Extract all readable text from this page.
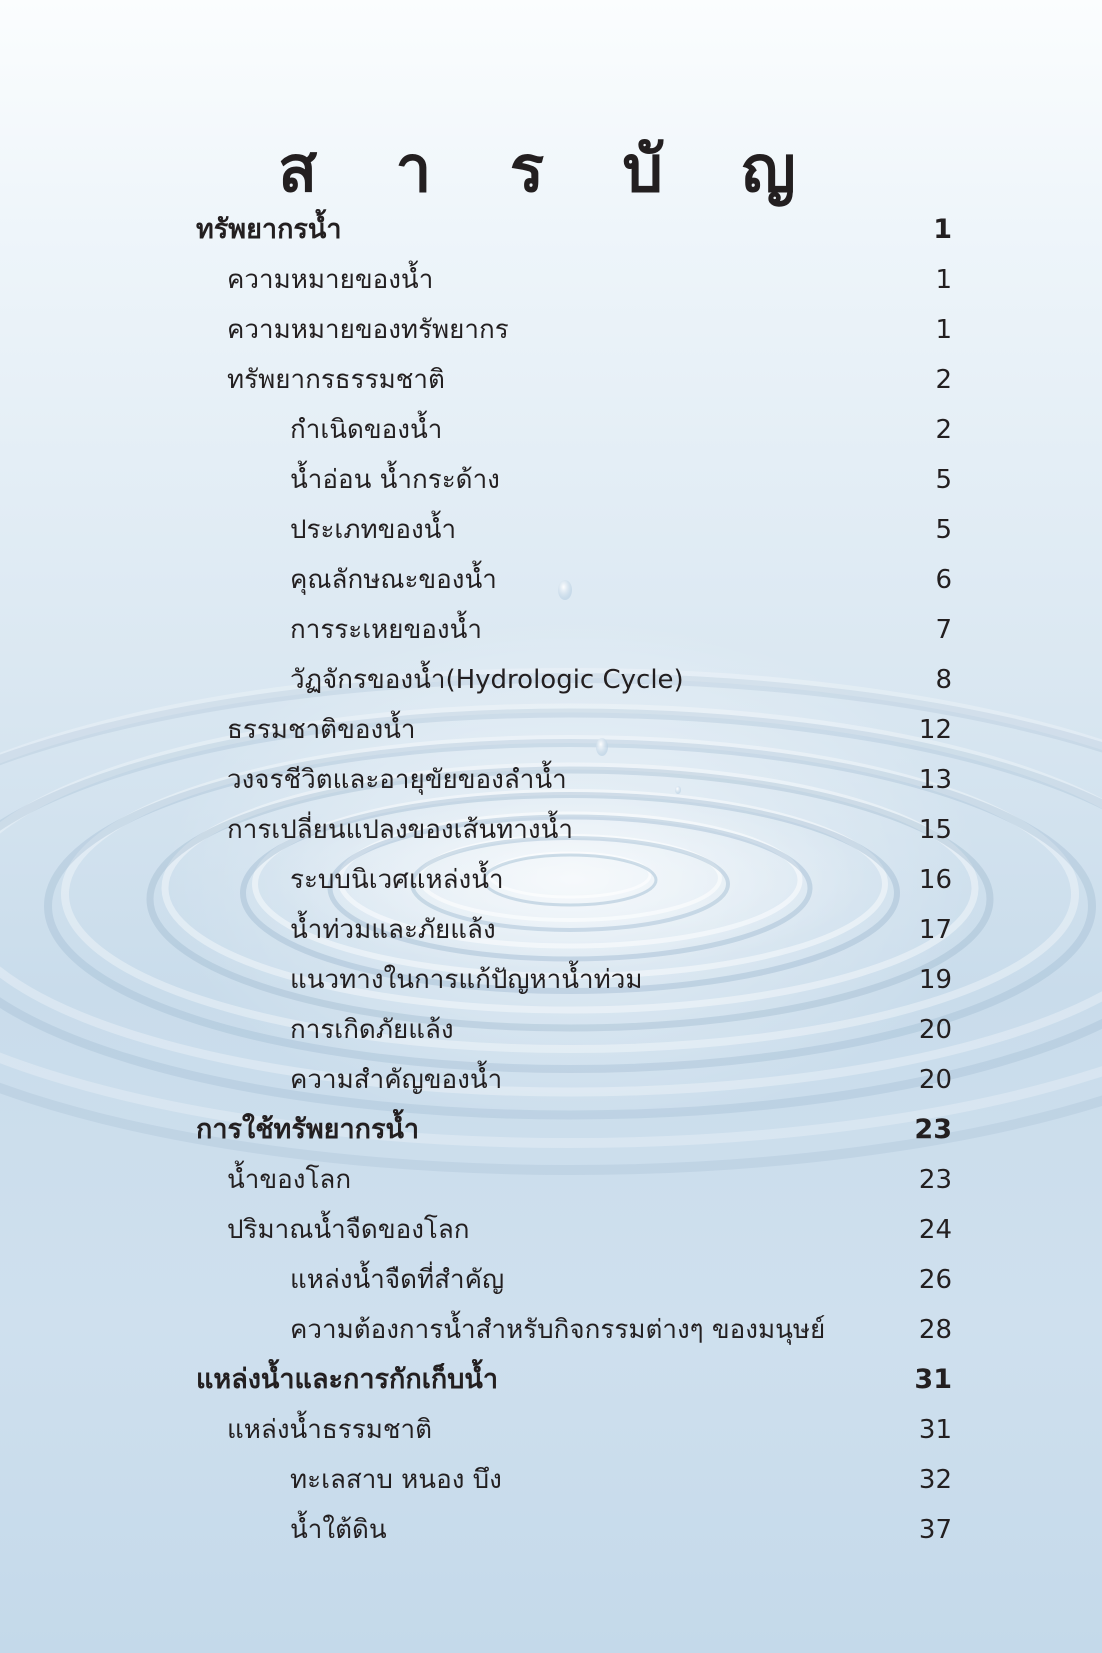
ส า ร บั ญ
ทรัพยากรน้ำ	1
ความหมายของน้ำ	1
ความหมายของทรัพยากร	1
ทรัพยากรธรรมชาติ	2
กำเนิดของน้ำ	2
น้ำอ่อน น้ำกระด้าง	5
ประเภทของน้ำ	5
คุณลักษณะของน้ำ	6
การระเหยของน้ำ	7
วัฏจักรของน้ำ(Hydrologic Cycle)	8
ธรรมชาติของน้ำ	12
วงจรชีวิตและอายุขัยของลำน้ำ	13
การเปลี่ยนแปลงของเส้นทางน้ำ	15
ระบบนิเวศแหล่งน้ำ	16
น้ำท่วมและภัยแล้ง	17
แนวทางในการแก้ปัญหาน้ำท่วม	19
การเกิดภัยแล้ง	20
ความสำคัญของน้ำ	20
การใช้ทรัพยากรน้ำ	23
น้ำของโลก	23
ปริมาณน้ำจืดของโลก	24
แหล่งน้ำจืดที่สำคัญ	26
ความต้องการน้ำสำหรับกิจกรรมต่างๆ ของมนุษย์	28
แหล่งน้ำและการกักเก็บน้ำ	31
แหล่งน้ำธรรมชาติ	31
ทะเลสาบ หนอง บึง	32
น้ำใต้ดิน	37
